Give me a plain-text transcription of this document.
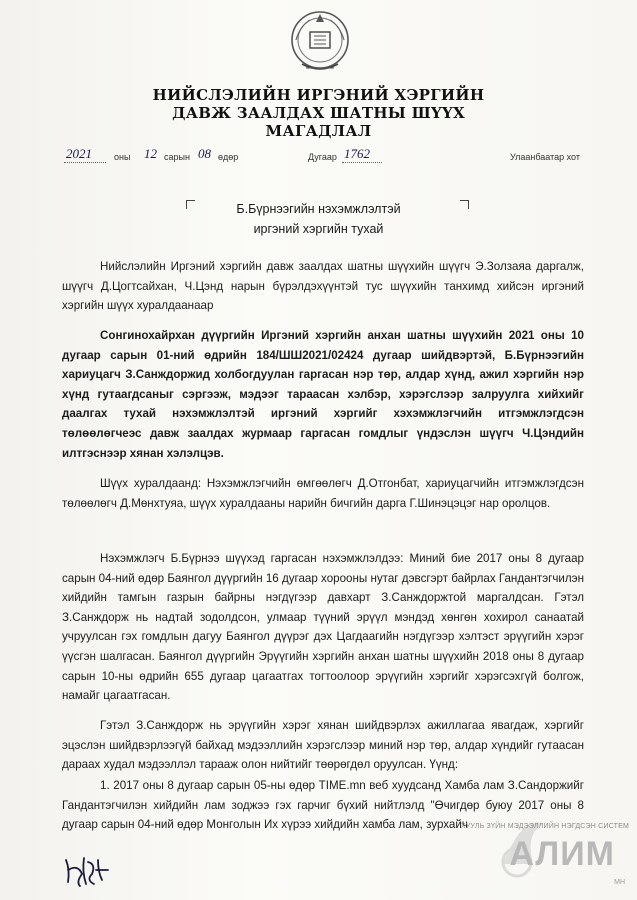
НИЙСЛЭЛИЙН ИРГЭНИЙ ХЭРГИЙН
ДАВЖ ЗААЛДАХ ШАТНЫ ШҮҮХ
МАГАДЛАЛ
2021 оны 12 сарын 08 өдөр	Дугаар 1762	Улаанбаатар хот
Б.Бүрнээгийн нэхэмжлэлтэй
иргэний хэргийн тухай

Нийслэлийн Иргэний хэргийн давж заалдах шатны шүүхийн шүүгч Э.Золзаяа даргалж, шүүгч Д.Цогтсайхан, Ч.Цэнд нарын бүрэлдэхүүнтэй тус шүүхийн танхимд хийсэн иргэний хэргийн шүүх хуралдаанаар

Сонгинохайрхан дүүргийн Иргэний хэргийн анхан шатны шүүхийн 2021 оны 10 дугаар сарын 01-ний өдрийн 184/ШШ2021/02424 дугаар шийдвэртэй, Б.Бүрнээгийн хариуцагч З.Санждоржид холбогдуулан гаргасан нэр төр, алдар хүнд, ажил хэргийн нэр хүнд гутаагдсаныг сэргээж, мэдээг тараасан хэлбэр, хэрэгслээр залруулга хийхийг даалгах тухай нэхэмжлэлтэй иргэний хэргийг хэхэмжлэгчийн итгэмжлэгдсэн төлөөлөгчеэс давж заалдах журмаар гаргасан гомдлыг үндэслэн шүүгч Ч.Цэндийн илтгэснээр хянан хэлэлцэв.

Шүүх хуралдаанд: Нэхэмжлэгчийн өмгөөлөгч Д.Отгонбат, хариуцагчийн итгэмжлэгдсэн төлөөлөгч Д.Мөнхтуяа, шүүх хуралдааны нарийн бичгийн дарга Г.Шинэцэцэг нар оролцов.

Нэхэмжлэгч Б.Бүрнээ шүүхэд гаргасан нэхэмжлэлдээ: Миний бие 2017 оны 8 дугаар сарын 04-ний өдөр Баянгол дүүргийн 16 дугаар хорооны нутаг дэвсгэрт байрлах Гандантэгчилэн хийдийн тамгын газрын байрны нэгдүгээр давхарт З.Санждоржтой маргалдсан. Гэтэл З.Санждорж нь надтай зодолдсон, улмаар түүний эрүүл мэндэд хөнгөн хохирол санаатай учруулсан гэх гомдлын дагуу Баянгол дүүрэг дэх Цагдаагийн нэгдүгээр хэлтэст эрүүгийн хэрэг үүсгэн шалгасан. Баянгол дүүргийн Эрүүгийн хэргийн анхан шатны шүүхийн 2018 оны 8 дугаар сарын 10-ны өдрийн 655 дугаар цагаатгах тогтоолоор эрүүгийн хэргийг хэрэгсэхгүй болгож, намайг цагаатгасан.

Гэтэл З.Санждорж нь эрүүгийн хэрэг хянан шийдвэрлэх ажиллагаа явагдаж, хэргийг эцэслэн шийдвэрлээгүй байхад мэдээллийн хэрэгслээр миний нэр төр, алдар хүндийг гутаасан дараах худал мэдээллэл тарааж олон нийтийг төөрөгдөл оруулсан. Үүнд:

1. 2017 оны 8 дугаар сарын 05-ны өдөр TIME.mn веб хуудсанд Хамба лам З.Сандоржийг Гандантэгчилэн хийдийн лам зоджээ гэх гарчиг бүхий нийтлэлд "Өчигдөр буюу 2017 оны 8 дугаар сарын 04-ний өдөр Монголын Их хүрээ хийдийн хамба лам, зурхайч

ХУУЛЬ ЗҮЙН МЭДЭЭЛЛИЙН НЭГДСЭН СИСТЕМ
АЛИМ
МН
